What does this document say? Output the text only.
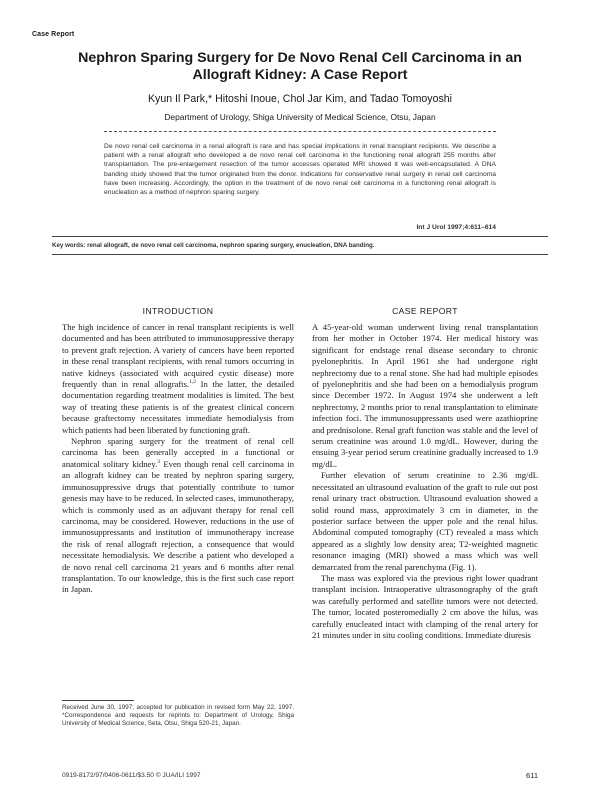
Case Report
Nephron Sparing Surgery for De Novo Renal Cell Carcinoma in an Allograft Kidney: A Case Report
Kyun Il Park,* Hitoshi Inoue, Chol Jar Kim, and Tadao Tomoyoshi
Department of Urology, Shiga University of Medical Science, Otsu, Japan
De novo renal cell carcinoma in a renal allograft is rare and has special implications in renal transplant recipients. We describe a patient with a renal allograft who developed a de novo renal cell carcinoma in the functioning renal allograft 255 months after transplantation. The pre-enlargement resection of the tumor accesses operated MRI showed it was well-encapsulated. A DNA banding study showed that the tumor originated from the donor. Indications for conservative renal surgery in renal cell carcinoma have been increasing. Accordingly, the option in the treatment of de novo renal cell carcinoma in a functioning renal allograft is enucleation as a method of nephron sparing surgery.
Int J Urol 1997;4:611–614
Key words: renal allograft, de novo renal cell carcinoma, nephron sparing surgery, enucleation, DNA banding.
INTRODUCTION

The high incidence of cancer in renal transplant recipients is well documented and has been attributed to immunosuppressive therapy to prevent graft rejection. A variety of cancers have been reported in these renal transplant recipients, with renal tumors occurring in native kidneys (associated with acquired cystic disease) more frequently than in renal allografts.$^{1,2}$ In the latter, the detailed documentation regarding treatment modalities is limited. The best way of treating these patients is of the greatest clinical concern because graftectomy necessitates immediate hemodialysis from which patients had been liberated by functioning graft.

Nephron sparing surgery for the treatment of renal cell carcinoma has been generally accepted in a functional or anatomical solitary kidney.$^3$ Even though renal cell carcinoma in an allograft kidney can be treated by nephron sparing surgery, immunosuppressive drugs that potentially contribute to tumor genesis may have to be reduced. In selected cases, immunotherapy, which is commonly used as an adjuvant therapy for renal cell carcinoma, may be considered. However, reductions in the use of immunosuppressants and institution of immunotherapy increase the risk of renal allograft rejection, a consequence that would necessitate hemodialysis. We describe a patient who developed a de novo renal cell carcinoma 21 years and 6 months after renal transplantation. To our knowledge, this is the first such case report in Japan.

CASE REPORT

A 45-year-old woman underwent living renal transplantation from her mother in October 1974. Her medical history was significant for endstage renal disease secondary to chronic pyelonephritis. In April 1961 she had undergone right nephrectomy due to a renal stone. She had had multiple episodes of pyelonephritis and she had been on a hemodialysis program since December 1972. In August 1974 she underwent a left nephrectomy, 2 months prior to renal transplantation to eliminate infection foci. The immunosuppressants used were azathioprine and prednisolone. Renal graft function was stable and the level of serum creatinine was around 1.0 mg/dL. However, during the ensuing 3-year period serum creatinine gradually increased to 1.9 mg/dL.

Further elevation of serum creatinine to 2.36 mg/dL necessitated an ultrasound evaluation of the graft to rule out post renal urinary tract obstruction. Ultrasound evaluation showed a solid round mass, approximately 3 cm in diameter, in the posterior surface between the upper pole and the renal hilus. Abdominal computed tomography (CT) revealed a mass which appeared as a slightly low density area; T2-weighted magnetic resonance imaging (MRI) showed a mass which was well demarcated from the renal parenchyma (Fig. 1).

The mass was explored via the previous right lower quadrant transplant incision. Intraoperative ultrasonography of the graft was carefully performed and satellite tumors were not detected. The tumor, located posteromedially 2 cm above the hilus, was carefully enucleated intact with clamping of the renal artery for 21 minutes under in situ cooling conditions. Immediate diuresis

Received June 30, 1997; accepted for publication in revised form May 22, 1997. *Correspondence and requests for reprints to: Department of Urology, Shiga University of Medical Science, Seta, Otsu, Shiga 520-21, Japan.
0919-8172/97/0406-0611/$3.50 © JUA/ILI 1997	611
